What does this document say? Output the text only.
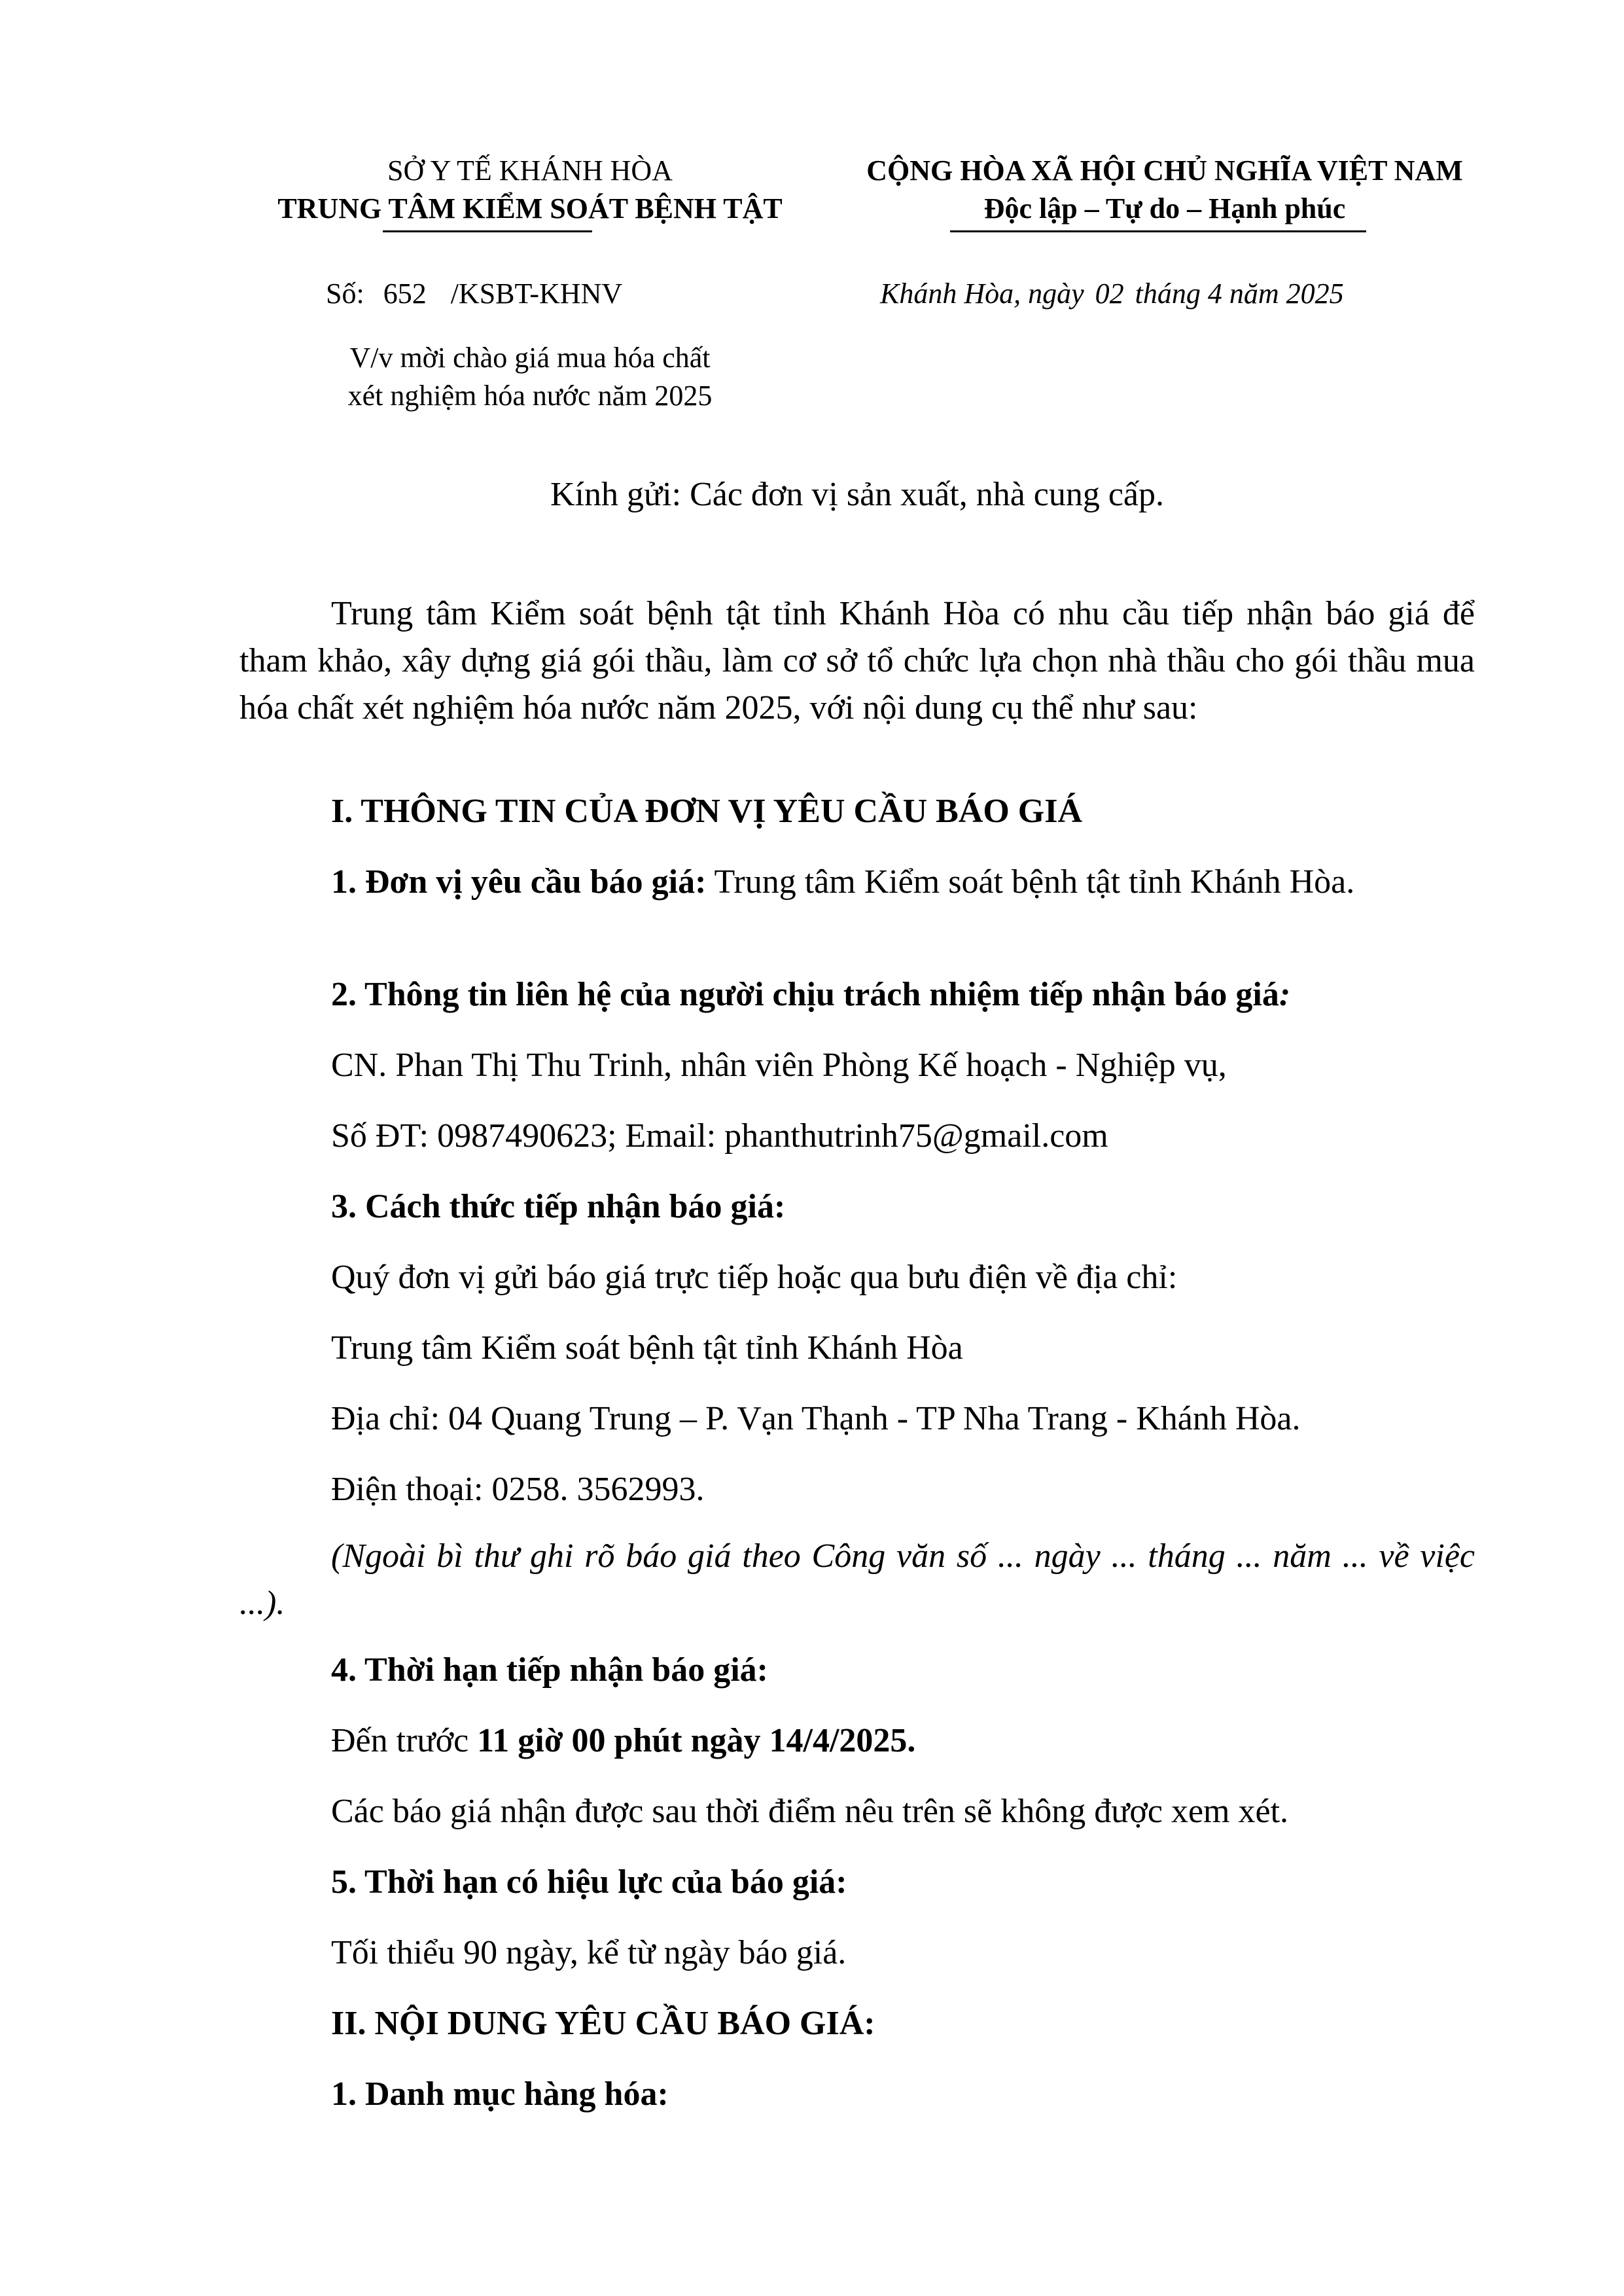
SỞ Y TẾ KHÁNH HÒA
TRUNG TÂM KIỂM SOÁT BỆNH TẬT
CỘNG HÒA XÃ HỘI CHỦ NGHĨA VIỆT NAM
Độc lập – Tự do – Hạnh phúc
Số: 652 /KSBT-KHNV	Khánh Hòa, ngày 02 tháng 4 năm 2025
V/v mời chào giá mua hóa chất
xét nghiệm hóa nước năm 2025
Kính gửi: Các đơn vị sản xuất, nhà cung cấp.
Trung tâm Kiểm soát bệnh tật tỉnh Khánh Hòa có nhu cầu tiếp nhận báo giá để tham khảo, xây dựng giá gói thầu, làm cơ sở tổ chức lựa chọn nhà thầu cho gói thầu mua hóa chất xét nghiệm hóa nước năm 2025, với nội dung cụ thể như sau:
I. THÔNG TIN CỦA ĐƠN VỊ YÊU CẦU BÁO GIÁ
1. Đơn vị yêu cầu báo giá: Trung tâm Kiểm soát bệnh tật tỉnh Khánh Hòa.
2. Thông tin liên hệ của người chịu trách nhiệm tiếp nhận báo giá:
CN. Phan Thị Thu Trinh, nhân viên Phòng Kế hoạch - Nghiệp vụ,
Số ĐT: 0987490623; Email: phanthutrinh75@gmail.com
3. Cách thức tiếp nhận báo giá:
Quý đơn vị gửi báo giá trực tiếp hoặc qua bưu điện về địa chỉ:
Trung tâm Kiểm soát bệnh tật tỉnh Khánh Hòa
Địa chỉ: 04 Quang Trung – P. Vạn Thạnh - TP Nha Trang - Khánh Hòa.
Điện thoại: 0258. 3562993.
(Ngoài bì thư ghi rõ báo giá theo Công văn số ... ngày ... tháng ... năm ... về việc ...).
4. Thời hạn tiếp nhận báo giá:
Đến trước 11 giờ 00 phút ngày 14/4/2025.
Các báo giá nhận được sau thời điểm nêu trên sẽ không được xem xét.
5. Thời hạn có hiệu lực của báo giá:
Tối thiểu 90 ngày, kể từ ngày báo giá.
II. NỘI DUNG YÊU CẦU BÁO GIÁ:
1. Danh mục hàng hóa:
